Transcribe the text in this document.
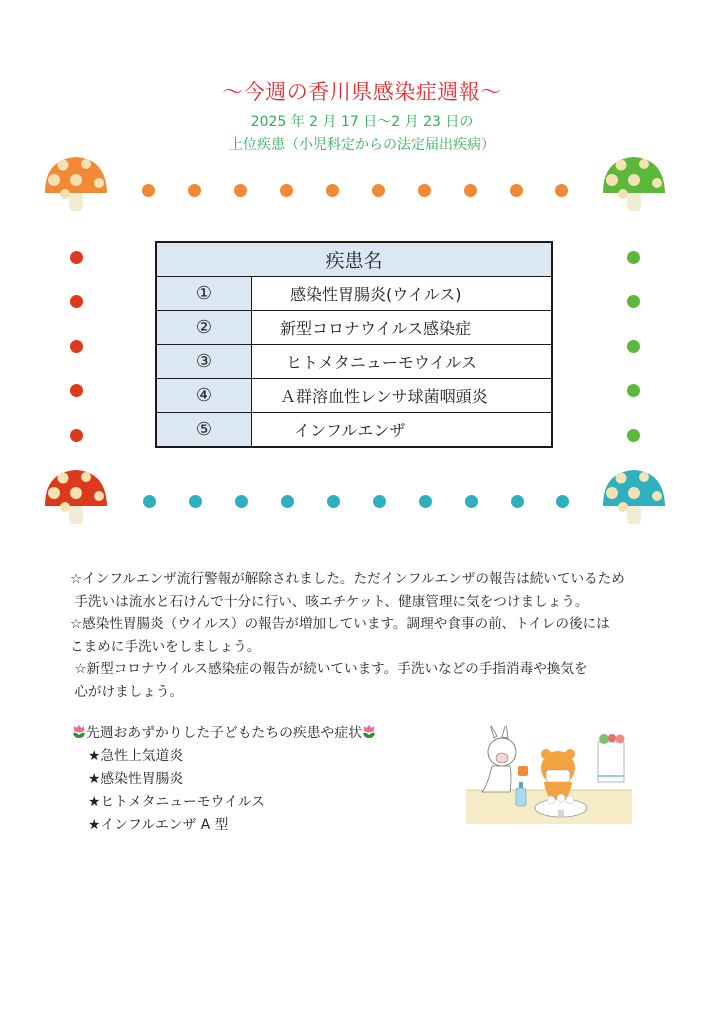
〜今週の香川県感染症週報〜
2025 年 2 月 17 日〜2 月 23 日の
上位疾患（小児科定からの法定届出疾病）
疾患名	
①	感染性胃腸炎(ウイルス)
②	新型コロナウイルス感染症
③	ヒトメタニューモウイルス
④	Ａ群溶血性レンサ球菌咽頭炎
⑤	インフルエンザ
☆インフルエンザ流行警報が解除されました。ただインフルエンザの報告は続いているため
手洗いは流水と石けんで十分に行い、咳エチケット、健康管理に気をつけましょう。
☆感染性胃腸炎（ウイルス）の報告が増加しています。調理や食事の前、トイレの後には
こまめに手洗いをしましょう。
☆新型コロナウイルス感染症の報告が続いています。手洗いなどの手指消毒や換気を
心がけましょう。
先週おあずかりした子どもたちの疾患や症状
★急性上気道炎
★感染性胃腸炎
★ヒトメタニューモウイルス
★インフルエンザ A 型
